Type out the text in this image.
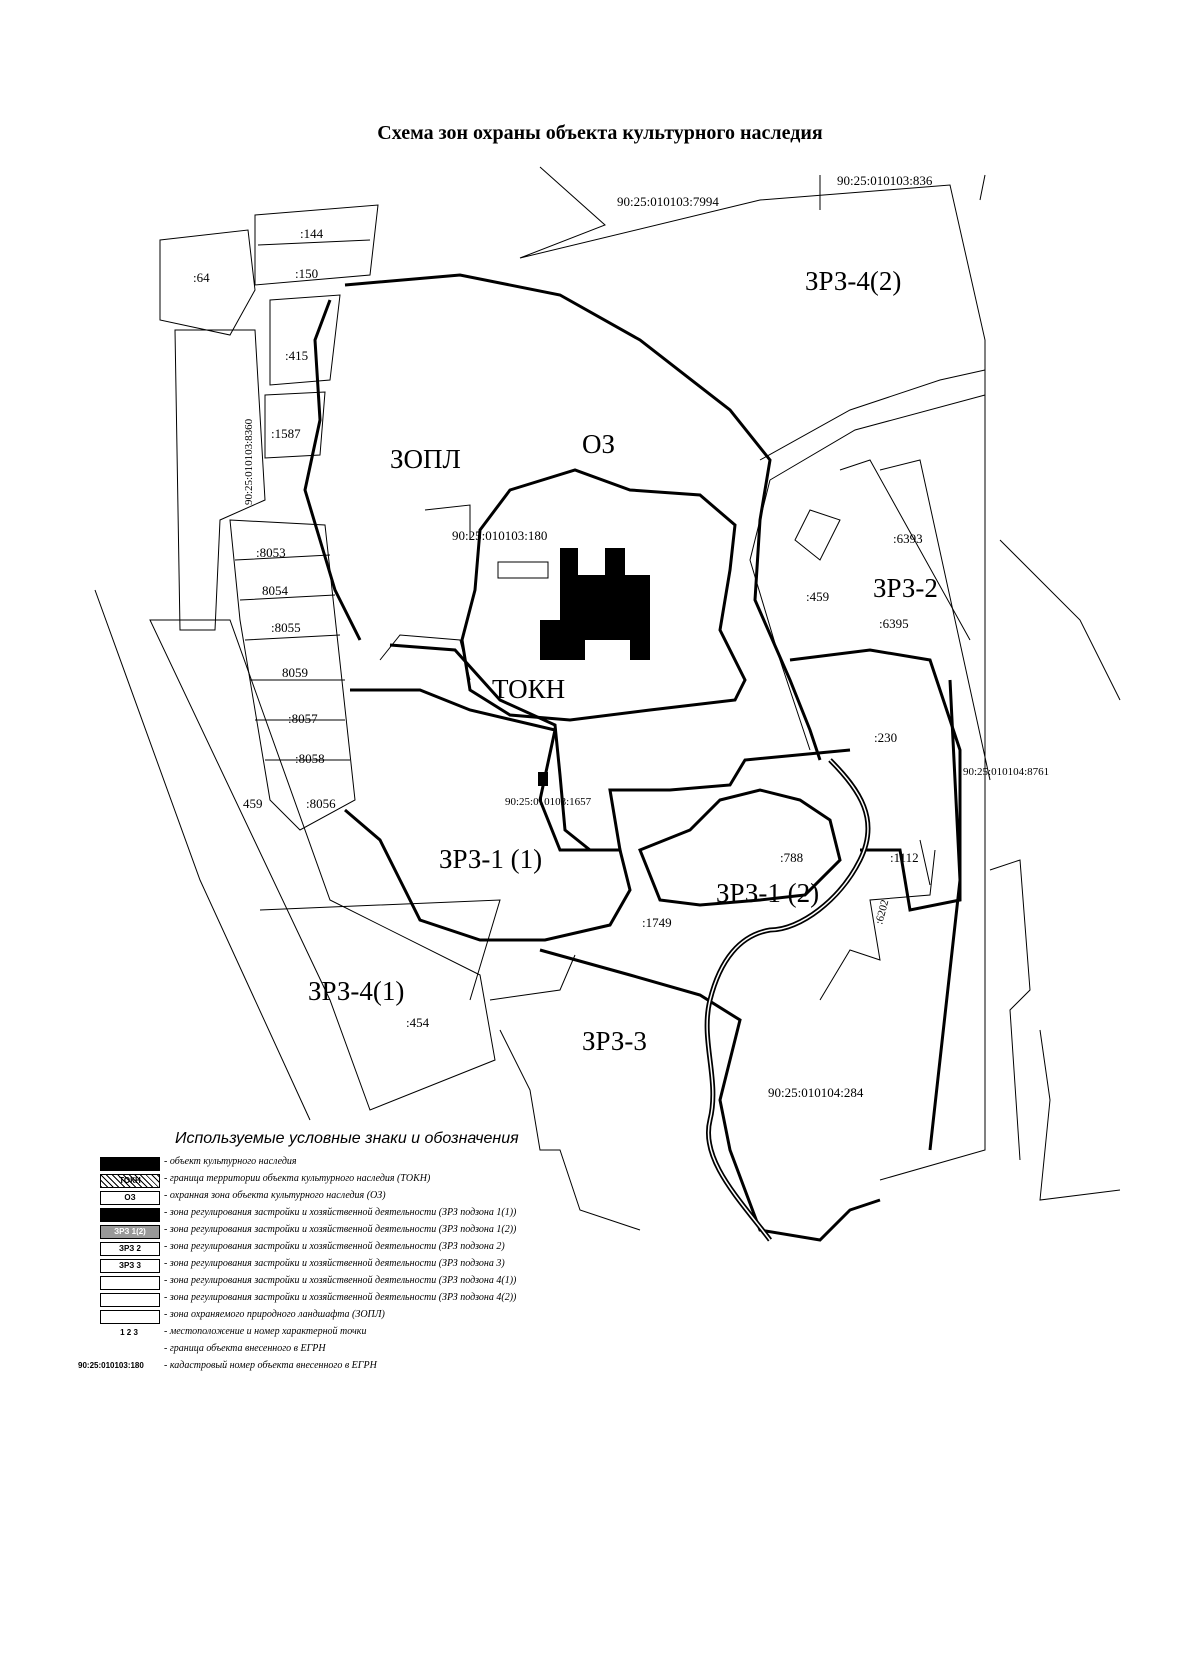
Схема зон охраны объекта культурного наследия
ЗОПЛ	ОЗ
ТОКН
ЗРЗ-4(2)
ЗРЗ-2
ЗРЗ-1 (1)
ЗРЗ-1 (2)
ЗРЗ-4(1)
ЗРЗ-3
90:25:010103:7994
90:25:010103:836
:144
:150
:64
:415
:1587
90:25:010103:8360
90:25:010103:180
:8053
8054
:8055
8059
:8057
:8058
:8056
459
:459
:6393
:6395
:230
90:25:010104:8761
90:25:010103:1657
:788	:1112
:1749	:6202
:454
90:25:010104:284
Используемые условные знаки и обозначения
- объект культурного наследия
ТОКН	- граница территории объекта культурного наследия (ТОКН)
ОЗ	- охранная зона объекта культурного наследия (ОЗ)
- зона регулирования застройки и хозяйственной деятельности (ЗРЗ подзона 1(1))
ЗРЗ 1(2)	- зона регулирования застройки и хозяйственной деятельности (ЗРЗ подзона 1(2))
ЗРЗ 2	- зона регулирования застройки и хозяйственной деятельности (ЗРЗ подзона 2)
ЗРЗ 3	- зона регулирования застройки и хозяйственной деятельности (ЗРЗ подзона 3)
- зона регулирования застройки и хозяйственной деятельности (ЗРЗ подзона 4(1))
- зона регулирования застройки и хозяйственной деятельности (ЗРЗ подзона 4(2))
- зона охраняемого природного ландшафта (ЗОПЛ)
1 2 3	- местоположение и номер характерной точки
- граница объекта внесенного в ЕГРН
90:25:010103:180	- кадастровый номер объекта внесенного в ЕГРН
